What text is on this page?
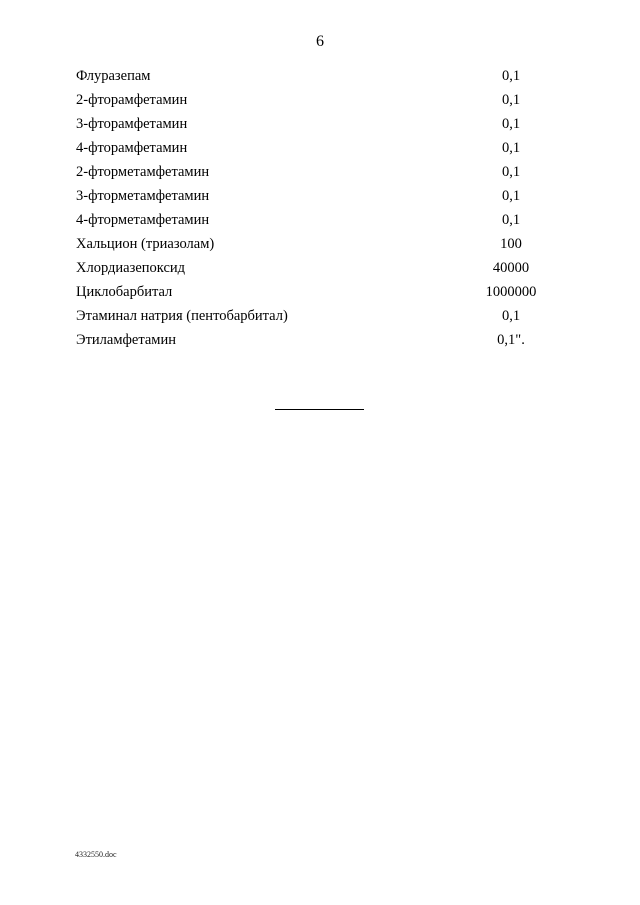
6
Флуразепам	0,1
2-фторамфетамин	0,1
3-фторамфетамин	0,1
4-фторамфетамин	0,1
2-фторметамфетамин	0,1
3-фторметамфетамин	0,1
4-фторметамфетамин	0,1
Хальцион (триазолам)	100
Хлордиазепоксид	40000
Циклобарбитал	1000000
Этаминал натрия (пентобарбитал)	0,1
Этиламфетамин	0,1".
4332550.doc
